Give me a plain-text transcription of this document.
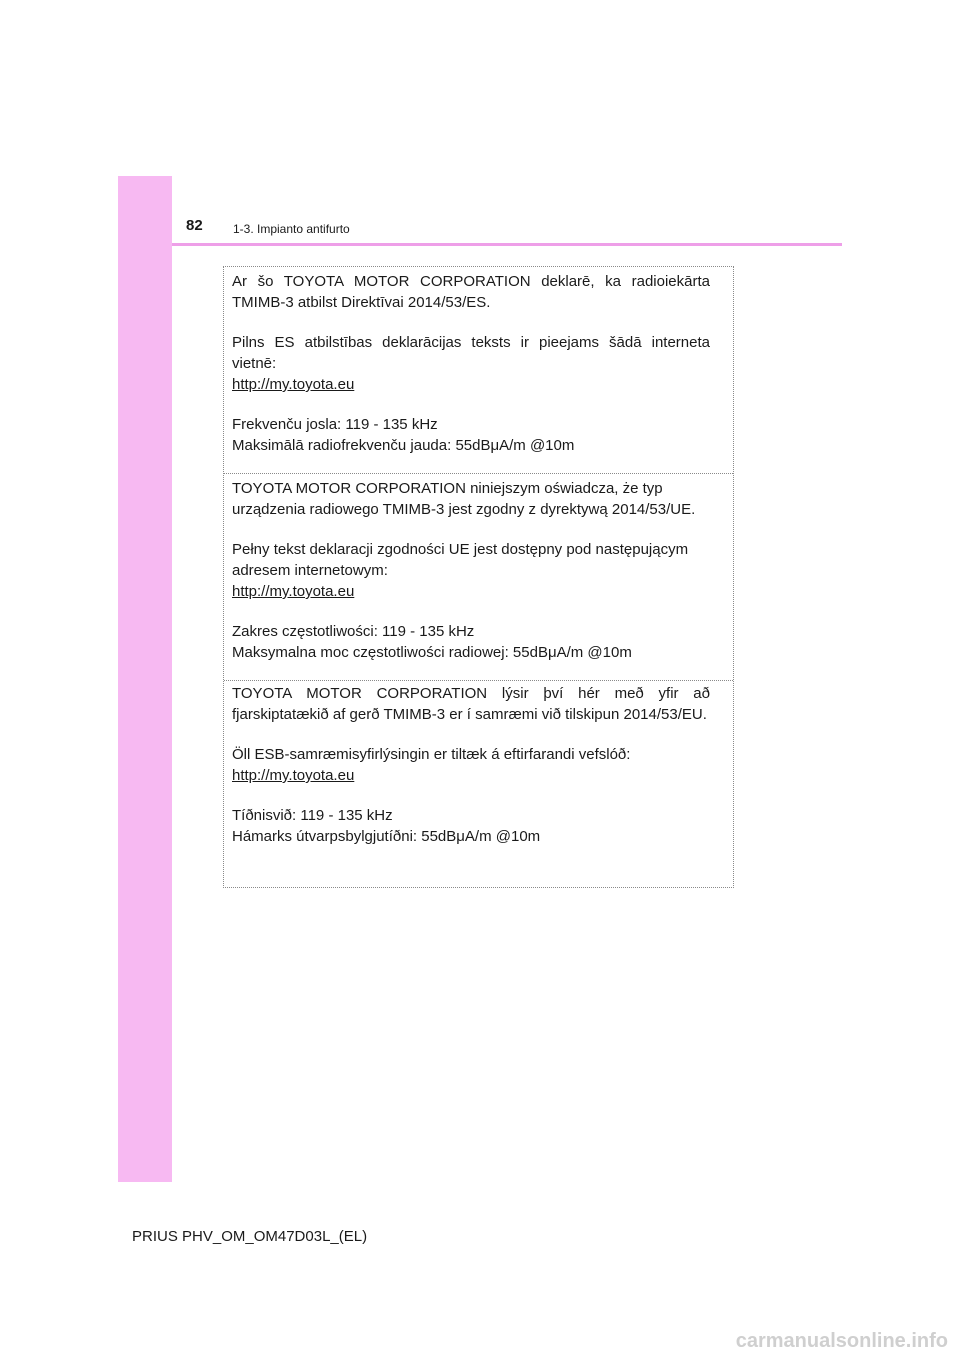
82	1-3. Impianto antifurto

Ar šo TOYOTA MOTOR CORPORATION deklarē, ka radioiekārta TMIMB-3 atbilst Direktīvai 2014/53/ES.

Pilns ES atbilstības deklarācijas teksts ir pieejams šādā interneta vietnē:

http://my.toyota.eu

Frekvenču josla: 119 - 135 kHz

Maksimālā radiofrekvenču jauda: 55dBμA/m @10m

TOYOTA MOTOR CORPORATION niniejszym oświadcza, że typ urządzenia radiowego TMIMB-3 jest zgodny z dyrektywą 2014/53/UE.

Pełny tekst deklaracji zgodności UE jest dostępny pod następującym adresem internetowym:

http://my.toyota.eu

Zakres częstotliwości: 119 - 135 kHz

Maksymalna moc częstotliwości radiowej: 55dBμA/m @10m

TOYOTA MOTOR CORPORATION lýsir því hér með yfir að fjarskiptatækið af gerð TMIMB-3 er í samræmi við tilskipun 2014/53/EU.

Öll ESB-samræmisyfirlýsingin er tiltæk á eftirfarandi vefslóð:

http://my.toyota.eu

Tíðnisvið: 119 - 135 kHz

Hámarks útvarpsbylgjutíðni: 55dBμA/m @10m

PRIUS PHV_OM_OM47D03L_(EL)
carmanualsonline.info
